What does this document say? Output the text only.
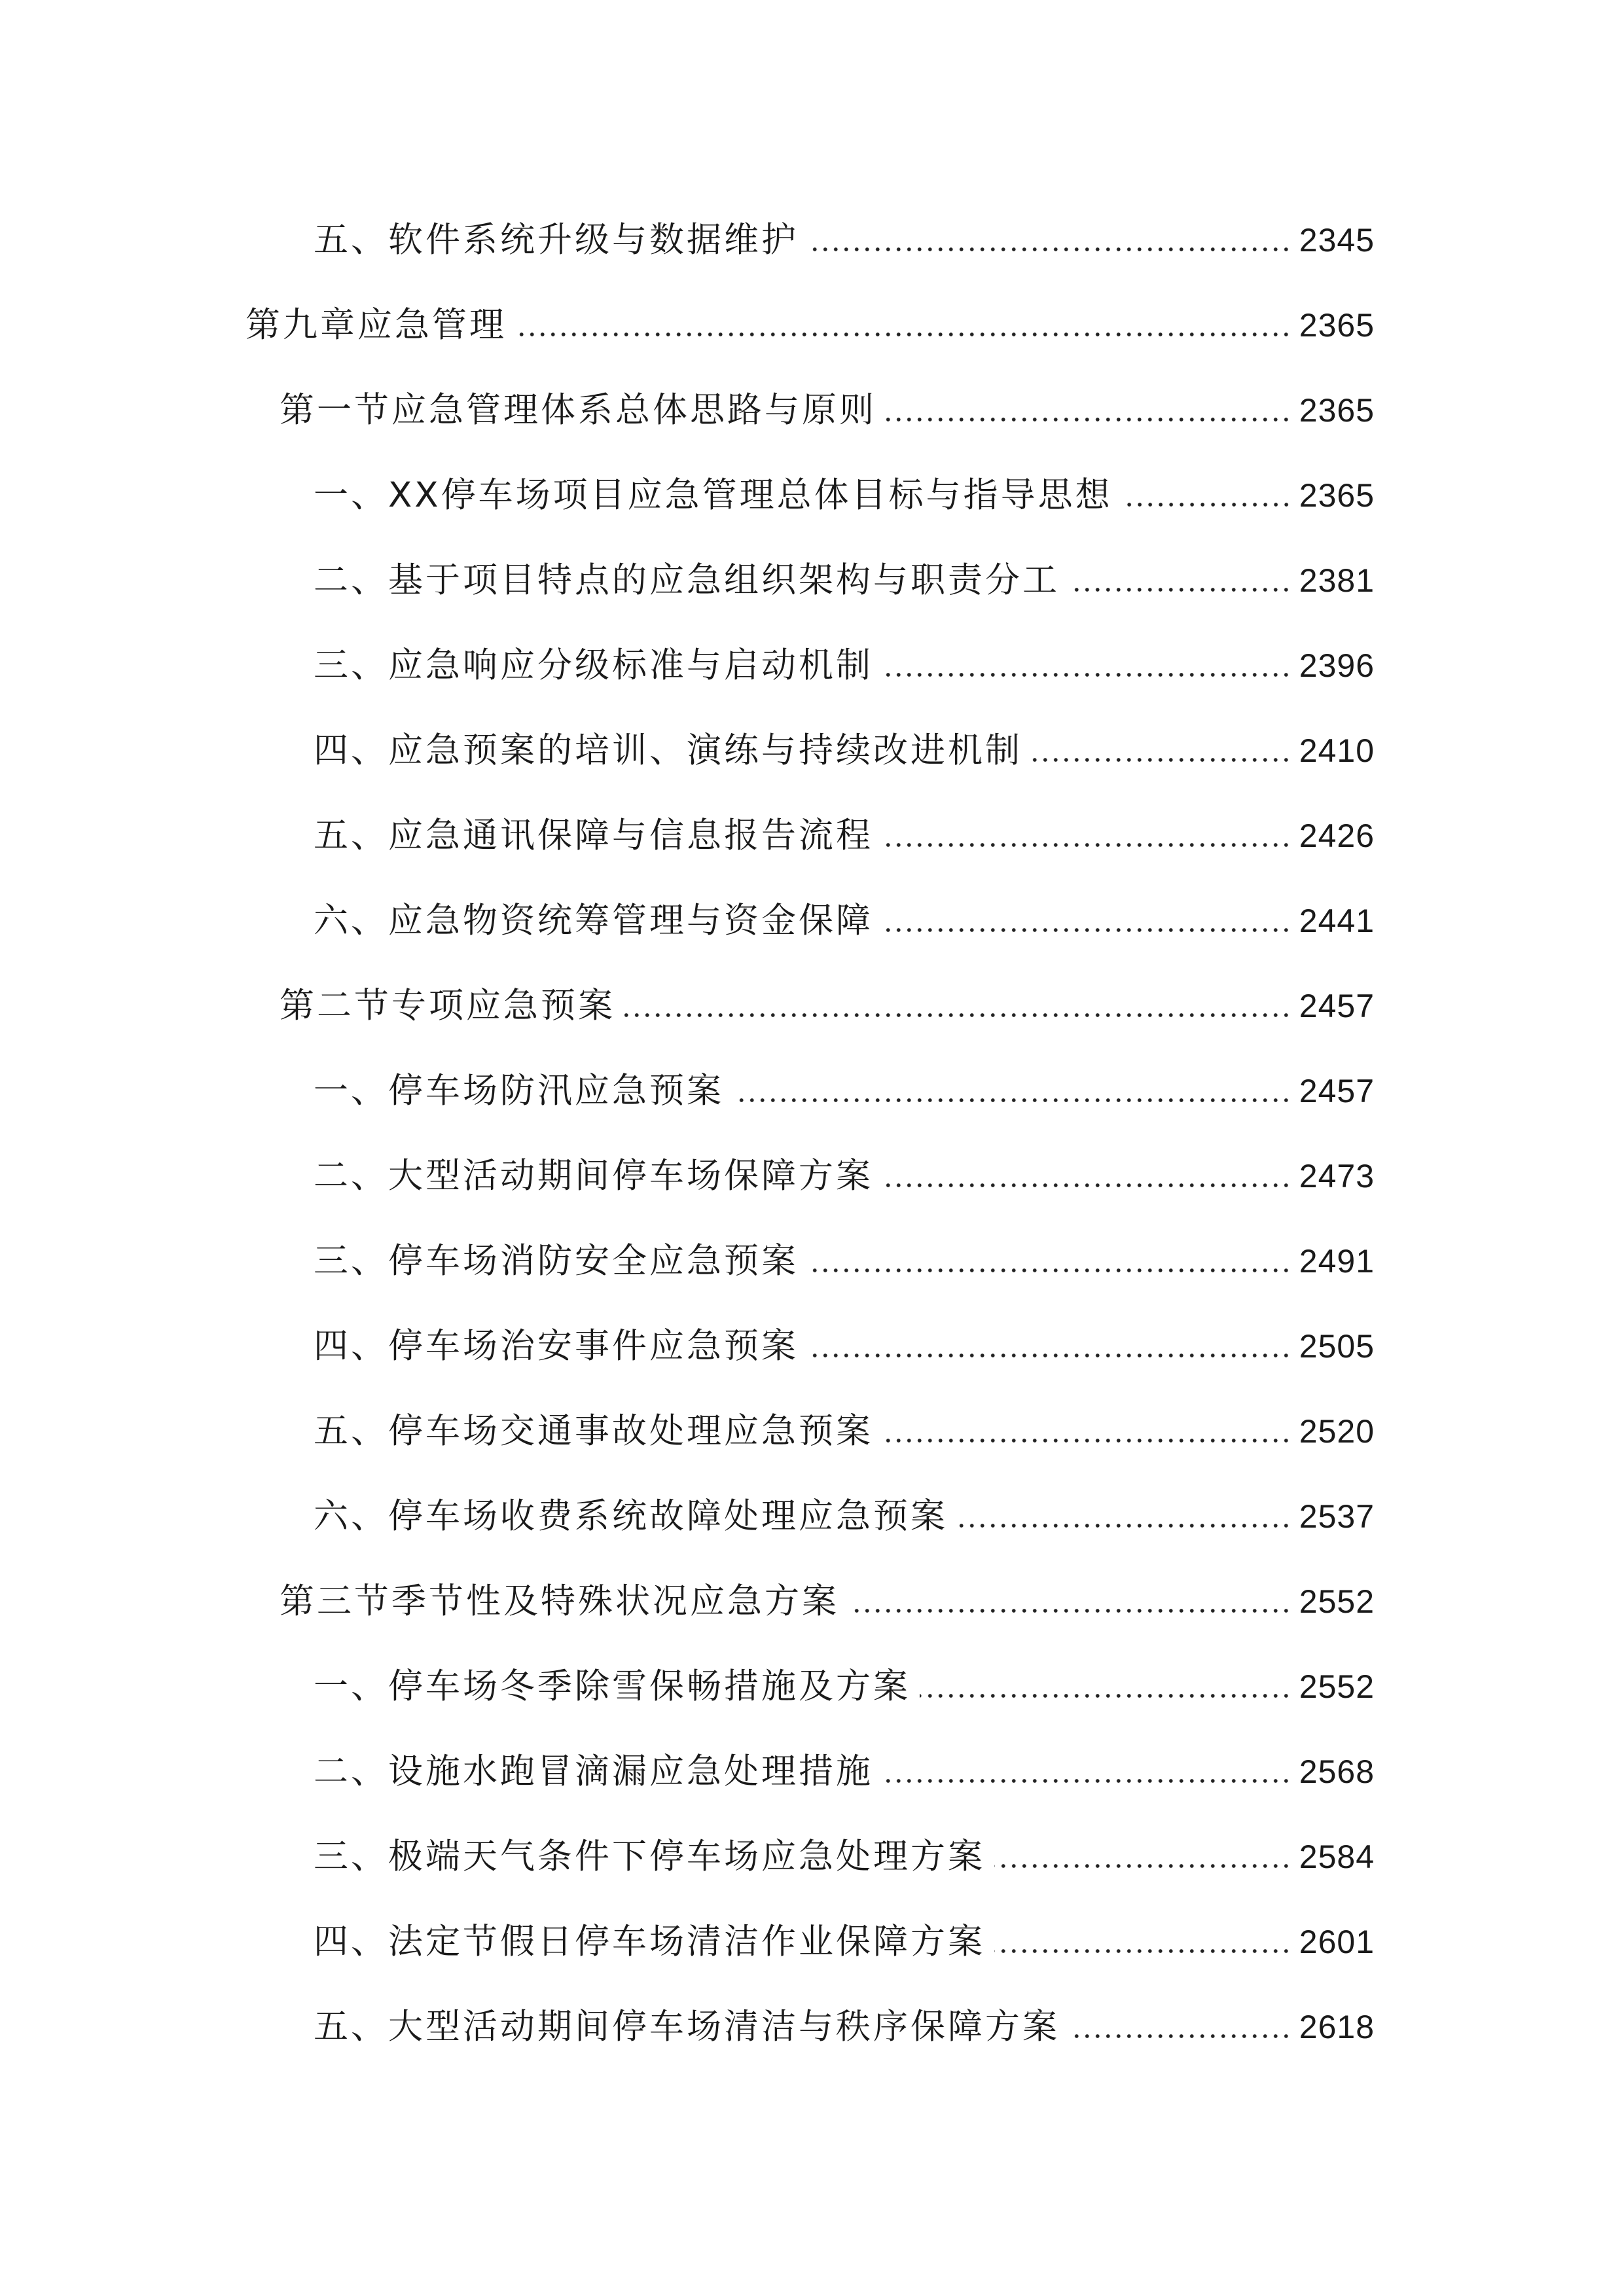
五、软件系统升级与数据维护	2345
第九章应急管理	2365
第一节应急管理体系总体思路与原则	2365
一、XX停车场项目应急管理总体目标与指导思想	2365
二、基于项目特点的应急组织架构与职责分工	2381
三、应急响应分级标准与启动机制	2396
四、应急预案的培训、演练与持续改进机制	2410
五、应急通讯保障与信息报告流程	2426
六、应急物资统筹管理与资金保障	2441
第二节专项应急预案	2457
一、停车场防汛应急预案	2457
二、大型活动期间停车场保障方案	2473
三、停车场消防安全应急预案	2491
四、停车场治安事件应急预案	2505
五、停车场交通事故处理应急预案	2520
六、停车场收费系统故障处理应急预案	2537
第三节季节性及特殊状况应急方案	2552
一、停车场冬季除雪保畅措施及方案	2552
二、设施水跑冒滴漏应急处理措施	2568
三、极端天气条件下停车场应急处理方案	2584
四、法定节假日停车场清洁作业保障方案	2601
五、大型活动期间停车场清洁与秩序保障方案	2618
